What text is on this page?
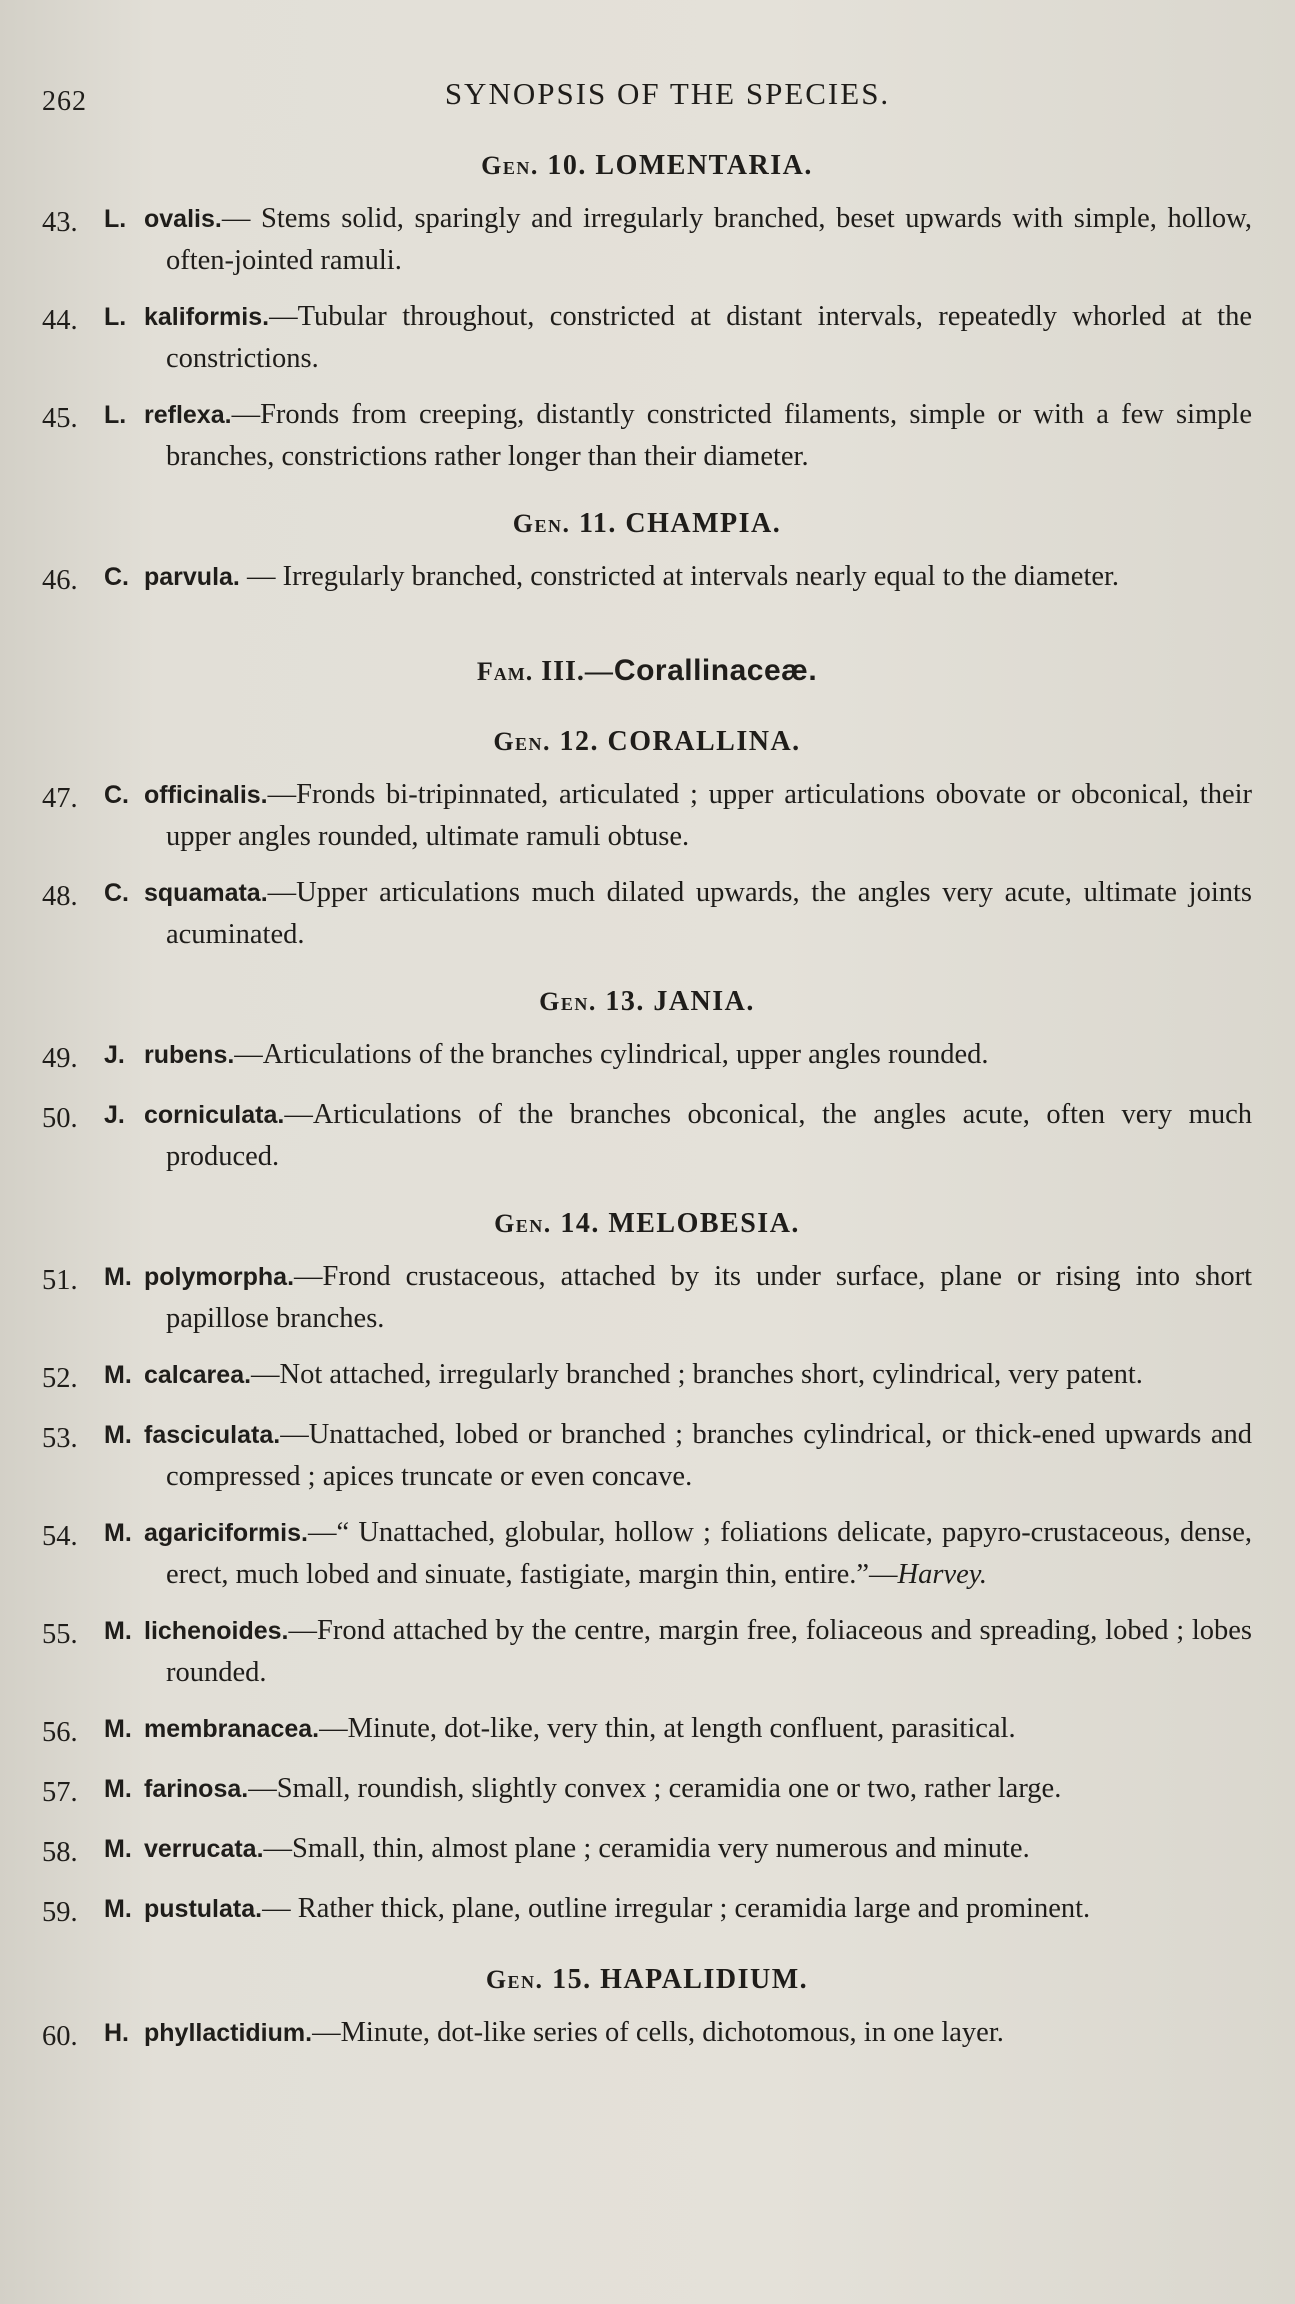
262	SYNOPSIS OF THE SPECIES.
Gen. 10. LOMENTARIA.
43.	L. ovalis.— Stems solid, sparingly and irregularly branched, beset upwards with simple, hollow, often-jointed ramuli.
44.	L. kaliformis.—Tubular throughout, constricted at distant intervals, repeatedly whorled at the constrictions.
45.	L. reflexa.—Fronds from creeping, distantly constricted filaments, simple or with a few simple branches, constrictions rather longer than their diameter.
Gen. 11. CHAMPIA.
46.	C. parvula. — Irregularly branched, constricted at intervals nearly equal to the diameter.
Fam. III.—Corallinaceæ.
Gen. 12. CORALLINA.
47.	C. officinalis.—Fronds bi-tripinnated, articulated ; upper articulations obovate or obconical, their upper angles rounded, ultimate ramuli obtuse.
48.	C. squamata.—Upper articulations much dilated upwards, the angles very acute, ultimate joints acuminated.
Gen. 13. JANIA.
49.	J. rubens.—Articulations of the branches cylindrical, upper angles rounded.
50.	J. corniculata.—Articulations of the branches obconical, the angles acute, often very much produced.
Gen. 14. MELOBESIA.
51.	M. polymorpha.—Frond crustaceous, attached by its under surface, plane or rising into short papillose branches.
52.	M. calcarea.—Not attached, irregularly branched ; branches short, cylindrical, very patent.
53.	M. fasciculata.—Unattached, lobed or branched ; branches cylindrical, or thick-ened upwards and compressed ; apices truncate or even concave.
54.	M. agariciformis.—“ Unattached, globular, hollow ; foliations delicate, papyro-crustaceous, dense, erect, much lobed and sinuate, fastigiate, margin thin, entire.”—Harvey.
55.	M. lichenoides.—Frond attached by the centre, margin free, foliaceous and spreading, lobed ; lobes rounded.
56.	M. membranacea.—Minute, dot-like, very thin, at length confluent, parasitical.
57.	M. farinosa.—Small, roundish, slightly convex ; ceramidia one or two, rather large.
58.	M. verrucata.—Small, thin, almost plane ; ceramidia very numerous and minute.
59.	M. pustulata.— Rather thick, plane, outline irregular ; ceramidia large and prominent.
Gen. 15. HAPALIDIUM.
60.	H. phyllactidium.—Minute, dot-like series of cells, dichotomous, in one layer.
